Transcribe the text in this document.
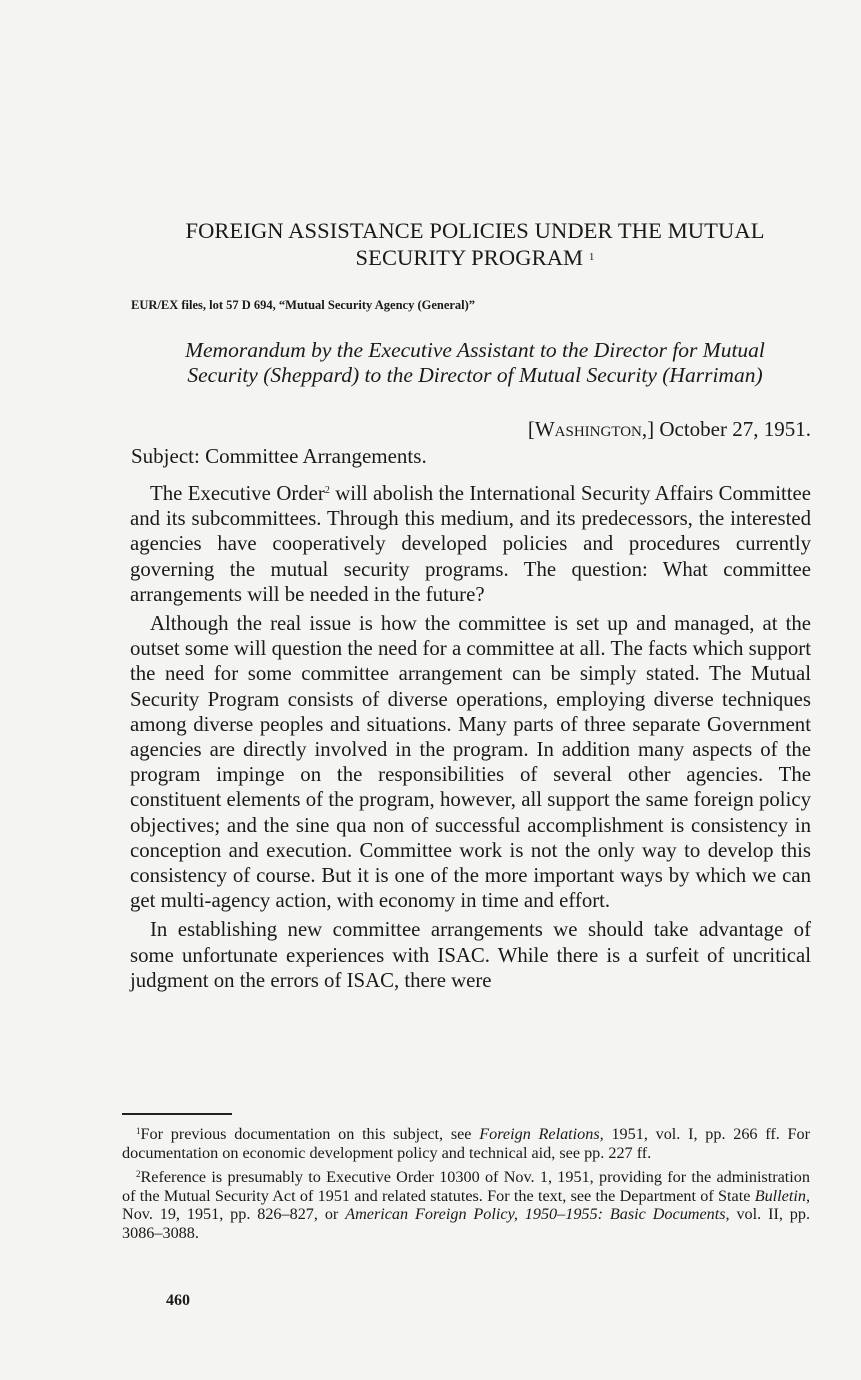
FOREIGN ASSISTANCE POLICIES UNDER THE MUTUAL
SECURITY PROGRAM $^1$
EUR/EX files, lot 57 D 694, “Mutual Security Agency (General)”
Memorandum by the Executive Assistant to the Director for Mutual
Security (Sheppard) to the Director of Mutual Security (Harriman)
[Washington,] October 27, 1951.
Subject: Committee Arrangements.

The Executive Order$^2$ will abolish the International Security Affairs Committee and its subcommittees. Through this medium, and its predecessors, the interested agencies have cooperatively developed policies and procedures currently governing the mutual security programs. The question: What committee arrangements will be needed in the future?

Although the real issue is how the committee is set up and managed, at the outset some will question the need for a committee at all. The facts which support the need for some committee arrangement can be simply stated. The Mutual Security Program consists of diverse operations, employing diverse techniques among diverse peoples and situations. Many parts of three separate Government agencies are directly involved in the program. In addition many aspects of the program impinge on the responsibilities of several other agencies. The constituent elements of the program, however, all support the same foreign policy objectives; and the sine qua non of successful accomplishment is consistency in conception and execution. Committee work is not the only way to develop this consistency of course. But it is one of the more important ways by which we can get multi-agency action, with economy in time and effort.

In establishing new committee arrangements we should take advantage of some unfortunate experiences with ISAC. While there is a surfeit of uncritical judgment on the errors of ISAC, there were

$^1$For previous documentation on this subject, see Foreign Relations, 1951, vol. I, pp. 266 ff. For documentation on economic development policy and technical aid, see pp. 227 ff.

$^2$Reference is presumably to Executive Order 10300 of Nov. 1, 1951, providing for the administration of the Mutual Security Act of 1951 and related statutes. For the text, see the Department of State Bulletin, Nov. 19, 1951, pp. 826–827, or American Foreign Policy, 1950–1955: Basic Documents, vol. II, pp. 3086–3088.

460
